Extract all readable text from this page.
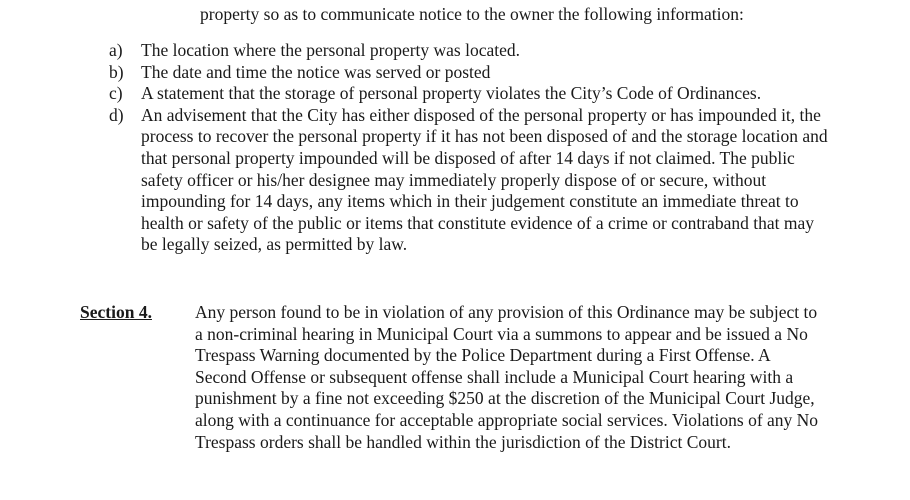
property so as to communicate notice to the owner the following information:
a)	The location where the personal property was located.
b) The date and time the notice was served or posted
c)	A statement that the storage of personal property violates the City’s Code of Ordinances.
d) An advisement that the City has either disposed of the personal property or has impounded it, the process to recover the personal property if it has not been disposed of and the storage location and that personal property impounded will be disposed of after 14 days if not claimed. The public safety officer or his/her designee may immediately properly dispose of or secure, without impounding for 14 days, any items which in their judgement constitute an immediate threat to health or safety of the public or items that constitute evidence of a crime or contraband that may be legally seized, as permitted by law.
Section 4. Any person found to be in violation of any provision of this Ordinance may be subject to a non-criminal hearing in Municipal Court via a summons to appear and be issued a No Trespass Warning documented by the Police Department during a First Offense. A Second Offense or subsequent offense shall include a Municipal Court hearing with a punishment by a fine not exceeding $250 at the discretion of the Municipal Court Judge, along with a continuance for acceptable appropriate social services. Violations of any No Trespass orders shall be handled within the jurisdiction of the District Court.
